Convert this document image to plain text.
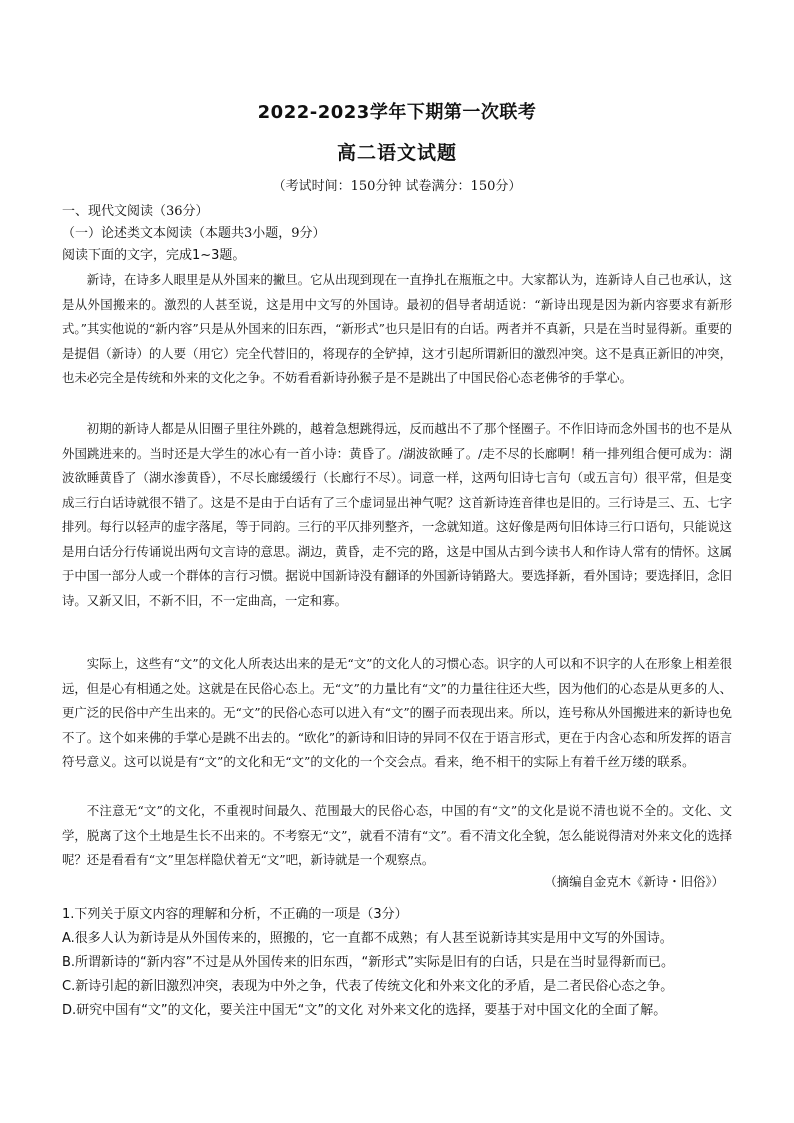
2022-2023学年下期第一次联考
高二语文试题
（考试时间：150分钟 试卷满分：150分）
一、现代文阅读（36分）
（一）论述类文本阅读（本题共3小题，9分）
阅读下面的文字，完成1~3题。
新诗，在诗多人眼里是从外国来的撇旦。它从出现到现在一直挣扎在瓶瓶之中。大家都认为，连新诗人自己也承认，这是从外国搬来的。激烈的人甚至说，这是用中文写的外国诗。最初的倡导者胡适说：“新诗出现是因为新内容要求有新形式。”其实他说的“新内容”只是从外国来的旧东西，“新形式”也只是旧有的白话。两者并不真新，只是在当时显得新。重要的是提倡（新诗）的人要（用它）完全代替旧的，将现存的全铲掉，这才引起所谓新旧的激烈冲突。这不是真正新旧的冲突，也未必完全是传统和外来的文化之争。不妨看看新诗孙猴子是不是跳出了中国民俗心态老佛爷的手掌心。
初期的新诗人都是从旧圈子里往外跳的，越着急想跳得远，反而越出不了那个怪圈子。不作旧诗而念外国书的也不是从外国跳进来的。当时还是大学生的冰心有一首小诗：黄昏了。/湖波欲睡了。/走不尽的长廊啊！稍一排列组合便可成为：湖波欲睡黄昏了（湖水渗黄昏），不尽长廊缓缓行（长廊行不尽）。词意一样，这两句旧诗七言句（或五言句）很平常，但是变成三行白话诗就很不错了。这是不是由于白话有了三个虚词显出神气呢？这首新诗连音律也是旧的。三行诗是三、五、七字排列。每行以轻声的虚字落尾，等于同韵。三行的平仄排列整齐，一念就知道。这好像是两句旧体诗三行口语句，只能说这是用白话分行传诵说出两句文言诗的意思。湖边，黄昏，走不完的路，这是中国从古到今读书人和作诗人常有的情怀。这属于中国一部分人或一个群体的言行习惯。据说中国新诗没有翻译的外国新诗销路大。要选择新，看外国诗；要选择旧，念旧诗。又新又旧，不新不旧，不一定曲高，一定和寡。
实际上，这些有“文”的文化人所表达出来的是无“文”的文化人的习惯心态。识字的人可以和不识字的人在形象上相差很远，但是心有相通之处。这就是在民俗心态上。无“文”的力量比有“文”的力量往往还大些，因为他们的心态是从更多的人、更广泛的民俗中产生出来的。无“文”的民俗心态可以进入有“文”的圈子而表现出来。所以，连号称从外国搬进来的新诗也免不了。这个如来佛的手掌心是跳不出去的。“欧化”的新诗和旧诗的异同不仅在于语言形式，更在于内含心态和所发挥的语言符号意义。这可以说是有“文”的文化和无“文”的文化的一个交会点。看来，绝不相干的实际上有着千丝万缕的联系。
不注意无“文”的文化，不重视时间最久、范围最大的民俗心态，中国的有“文”的文化是说不清也说不全的。文化、文学，脱离了这个土地是生长不出来的。不考察无“文”，就看不清有“文”。看不清文化全貌，怎么能说得清对外来文化的选择呢？还是看看有“文”里怎样隐伏着无“文”吧，新诗就是一个观察点。
（摘编自金克木《新诗・旧俗》）
1.下列关于原文内容的理解和分析，不正确的一项是（3分）
A.很多人认为新诗是从外国传来的，照搬的，它一直都不成熟；有人甚至说新诗其实是用中文写的外国诗。
B.所谓新诗的“新内容”不过是从外国传来的旧东西，“新形式”实际是旧有的白话，只是在当时显得新而已。
C.新诗引起的新旧激烈冲突，表现为中外之争，代表了传统文化和外来文化的矛盾，是二者民俗心态之争。
D.研究中国有“文”的文化，要关注中国无“文”的文化 对外来文化的选择，要基于对中国文化的全面了解。
